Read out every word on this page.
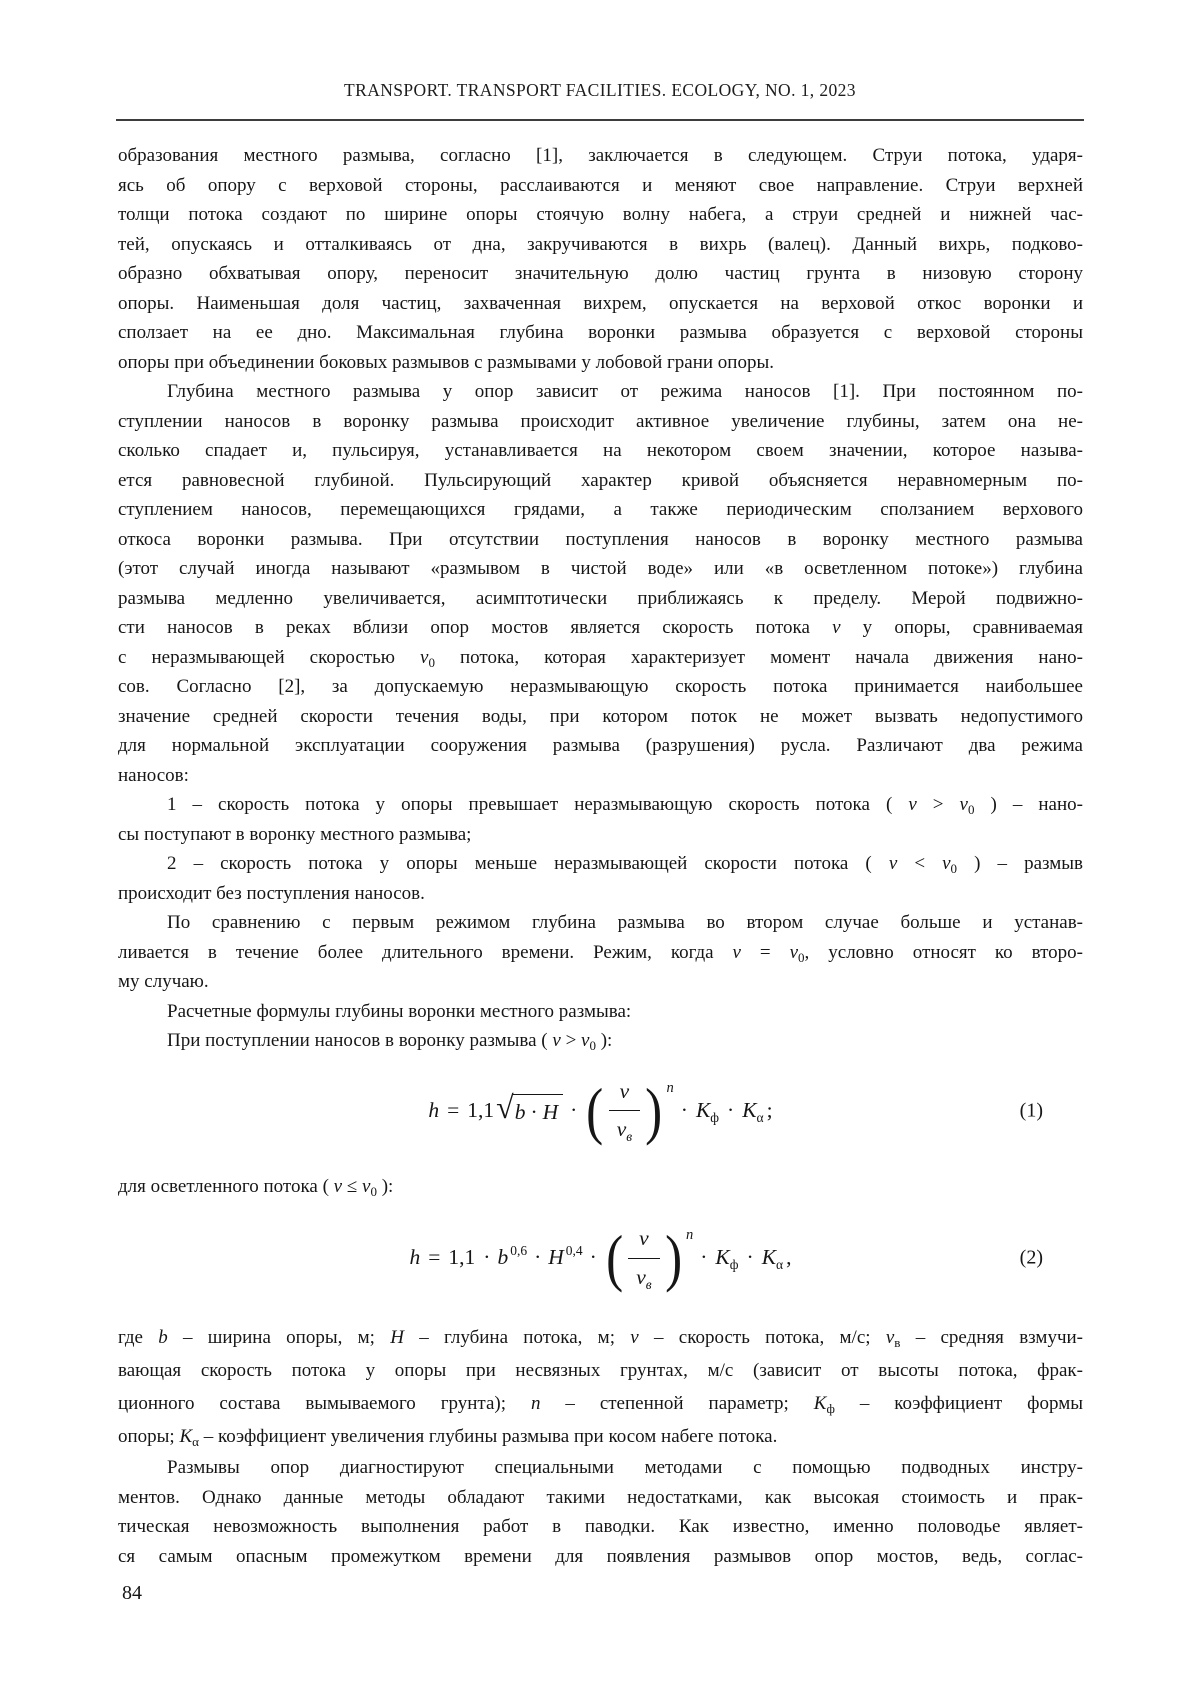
TRANSPORT. TRANSPORT FACILITIES. ECOLOGY, NO. 1, 2023
образования местного размыва, согласно [1], заключается в следующем. Струи потока, ударя-
ясь об опору с верховой стороны, расслаиваются и меняют свое направление. Струи верхней
толщи потока создают по ширине опоры стоячую волну набега, а струи средней и нижней час-
тей, опускаясь и отталкиваясь от дна, закручиваются в вихрь (валец). Данный вихрь, подково-
образно обхватывая опору, переносит значительную долю частиц грунта в низовую сторону
опоры. Наименьшая доля частиц, захваченная вихрем, опускается на верховой откос воронки и
сползает на ее дно. Максимальная глубина воронки размыва образуется с верховой стороны
опоры при объединении боковых размывов с размывами у лобовой грани опоры.
Глубина местного размыва у опор зависит от режима наносов [1]. При постоянном по-
ступлении наносов в воронку размыва происходит активное увеличение глубины, затем она не-
сколько спадает и, пульсируя, устанавливается на некотором своем значении, которое называ-
ется равновесной глубиной. Пульсирующий характер кривой объясняется неравномерным по-
ступлением наносов, перемещающихся грядами, а также периодическим сползанием верхового
откоса воронки размыва. При отсутствии поступления наносов в воронку местного размыва
(этот случай иногда называют «размывом в чистой воде» или «в осветленном потоке») глубина
размыва медленно увеличивается, асимптотически приближаясь к пределу. Мерой подвижно-
сти наносов в реках вблизи опор мостов является скорость потока v у опоры, сравниваемая
с неразмывающей скоростью $v_0$ потока, которая характеризует момент начала движения нано-
сов. Согласно [2], за допускаемую неразмывающую скорость потока принимается наибольшее
значение средней скорости течения воды, при котором поток не может вызвать недопустимого
для нормальной эксплуатации сооружения размыва (разрушения) русла. Различают два режима
наносов:
1 – скорость потока у опоры превышает неразмывающую скорость потока ( $v > v_0$ ) – нано-
сы поступают в воронку местного размыва;
2 – скорость потока у опоры меньше неразмывающей скорости потока ( $v < v_0$ ) – размыв
происходит без поступления наносов.
По сравнению с первым режимом глубина размыва во втором случае больше и устанав-
ливается в течение более длительного времени. Режим, когда $v = v_0$, условно относят ко второ-
му случаю.
Расчетные формулы глубины воронки местного размыва:
При поступлении наносов в воронку размыва ( $v > v_0$ ):
h = 1,1 √ b · H · ( $\frac{v}{v_в}$ ) n
· $K_ф \cdot K_\alpha$ ;	(1)
для осветленного потока ( $v \le v_0$ ):
h = 1,1 · b $^{0,6}$ · H $^{0,4}$ · ( $\frac{v}{v_в}$ ) n
· $K_ф \cdot K_\alpha$ ,	(2)
где b – ширина опоры, м; H – глубина потока, м; v – скорость потока, м/с; $v_в$ – средняя взмучи-
вающая скорость потока у опоры при несвязных грунтах, м/с (зависит от высоты потока, фрак-
ционного состава вымываемого грунта); n – степенной параметр; $K_ф$ – коэффициент формы
опоры; $K_\alpha$ – коэффициент увеличения глубины размыва при косом набеге потока.
Размывы опор диагностируют специальными методами с помощью подводных инстру-
ментов. Однако данные методы обладают такими недостатками, как высокая стоимость и прак-
тическая невозможность выполнения работ в паводки. Как известно, именно половодье являет-
ся самым опасным промежутком времени для появления размывов опор мостов, ведь, соглас-
84
